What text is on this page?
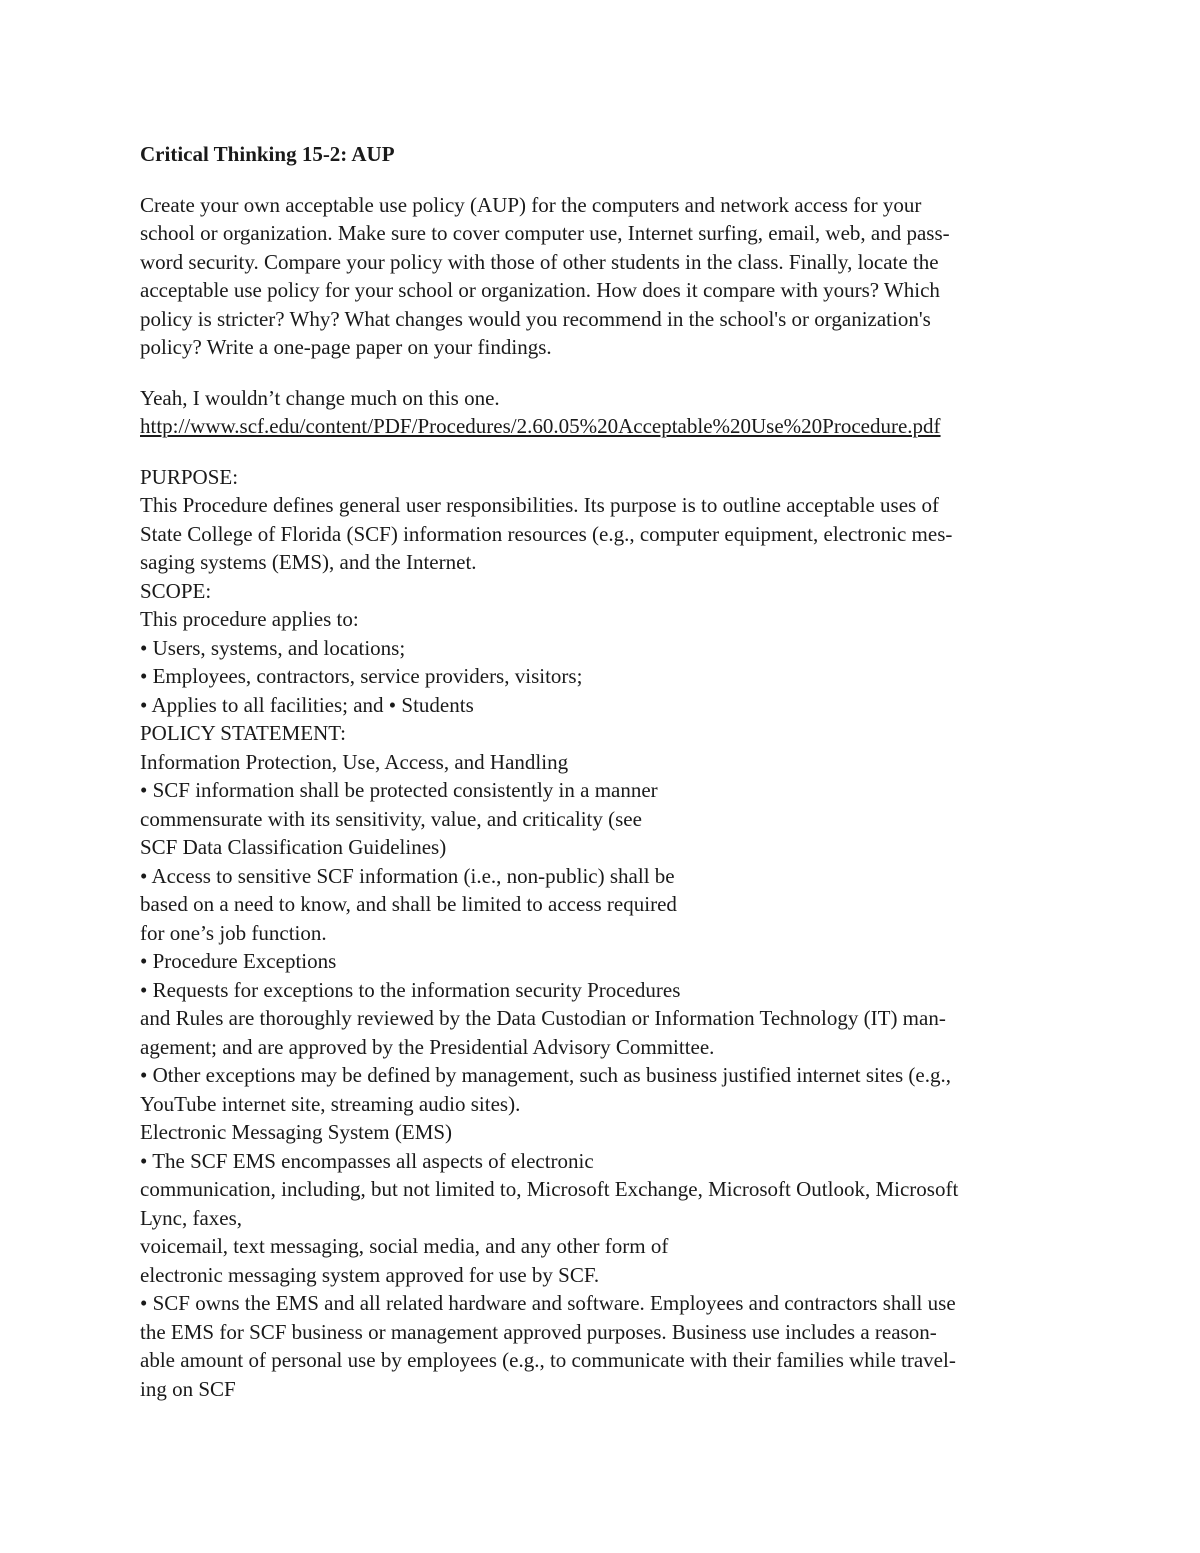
Critical Thinking 15-2: AUP
Create your own acceptable use policy (AUP) for the computers and network access for your
school or organization. Make sure to cover computer use, Internet surfing, email, web, and pass-
word security. Compare your policy with those of other students in the class. Finally, locate the
acceptable use policy for your school or organization. How does it compare with yours? Which
policy is stricter? Why? What changes would you recommend in the school's or organization's
policy? Write a one-page paper on your findings.
Yeah, I wouldn’t change much on this one.
http://www.scf.edu/content/PDF/Procedures/2.60.05%20Acceptable%20Use%20Procedure.pdf
PURPOSE:
This Procedure defines general user responsibilities. Its purpose is to outline acceptable uses of
State College of Florida (SCF) information resources (e.g., computer equipment, electronic mes-
saging systems (EMS), and the Internet.
SCOPE:
This procedure applies to:
• Users, systems, and locations;
• Employees, contractors, service providers, visitors;
• Applies to all facilities; and • Students
POLICY STATEMENT:
Information Protection, Use, Access, and Handling
• SCF information shall be protected consistently in a manner
commensurate with its sensitivity, value, and criticality (see
SCF Data Classification Guidelines)
• Access to sensitive SCF information (i.e., non-public) shall be
based on a need to know, and shall be limited to access required
for one’s job function.
• Procedure Exceptions
• Requests for exceptions to the information security Procedures
and Rules are thoroughly reviewed by the Data Custodian or Information Technology (IT) man-
agement; and are approved by the Presidential Advisory Committee.
• Other exceptions may be defined by management, such as business justified internet sites (e.g.,
YouTube internet site, streaming audio sites).
Electronic Messaging System (EMS)
• The SCF EMS encompasses all aspects of electronic
communication, including, but not limited to, Microsoft Exchange, Microsoft Outlook, Microsoft
Lync, faxes,
voicemail, text messaging, social media, and any other form of
electronic messaging system approved for use by SCF.
• SCF owns the EMS and all related hardware and software. Employees and contractors shall use
the EMS for SCF business or management approved purposes. Business use includes a reason-
able amount of personal use by employees (e.g., to communicate with their families while travel-
ing on SCF
